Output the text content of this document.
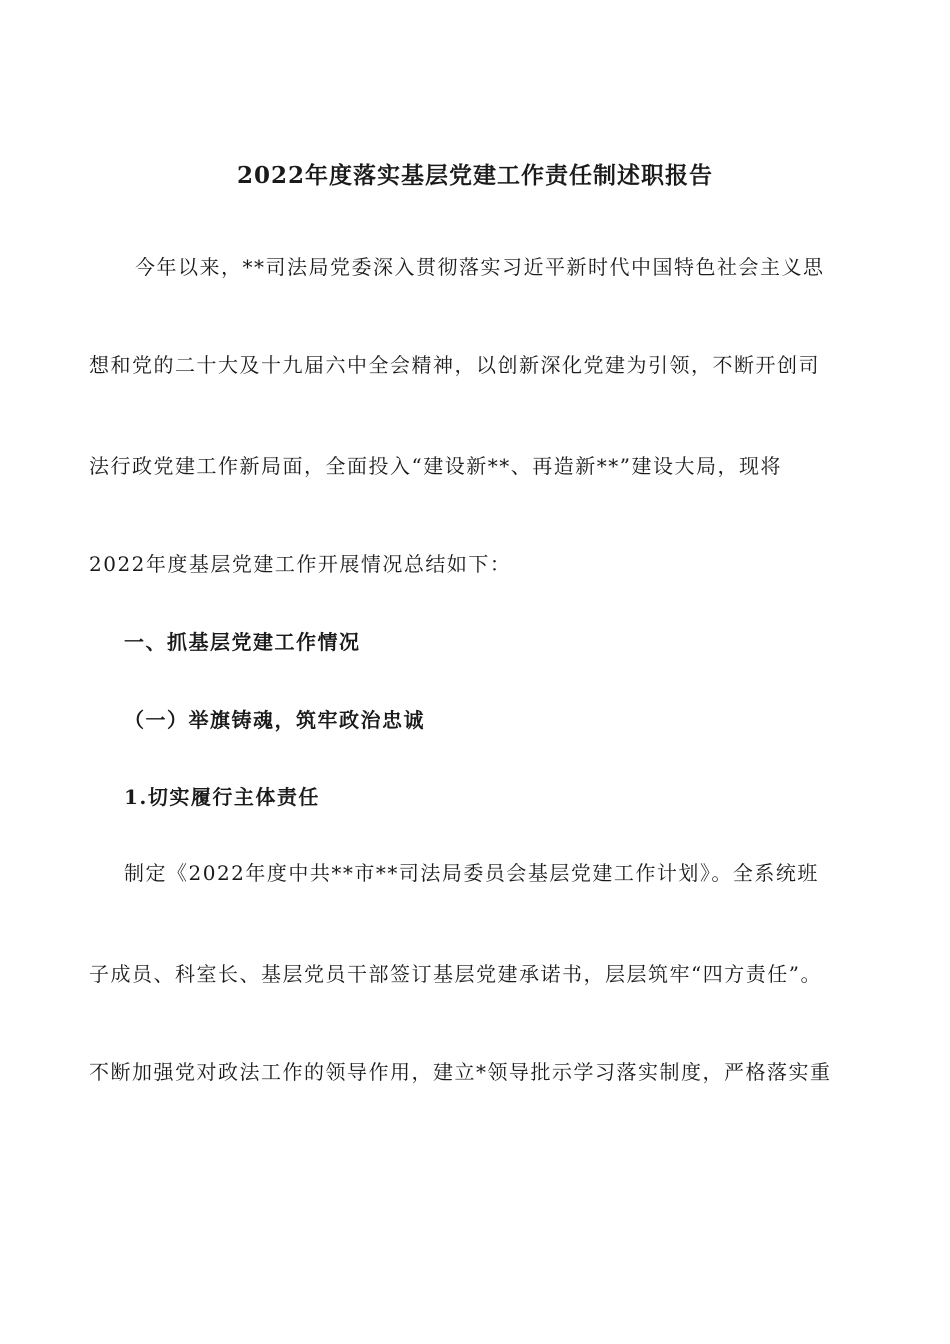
2022年度落实基层党建工作责任制述职报告
今年以来，**司法局党委深入贯彻落实习近平新时代中国特色社会主义思
想和党的二十大及十九届六中全会精神，以创新深化党建为引领，不断开创司
法行政党建工作新局面，全面投入“建设新**、再造新**”建设大局，现将
2022年度基层党建工作开展情况总结如下：
一、抓基层党建工作情况
（一）举旗铸魂，筑牢政治忠诚
1.切实履行主体责任
制定《2022年度中共**市**司法局委员会基层党建工作计划》。全系统班
子成员、科室长、基层党员干部签订基层党建承诺书，层层筑牢“四方责任”。
不断加强党对政法工作的领导作用，建立*领导批示学习落实制度，严格落实重
